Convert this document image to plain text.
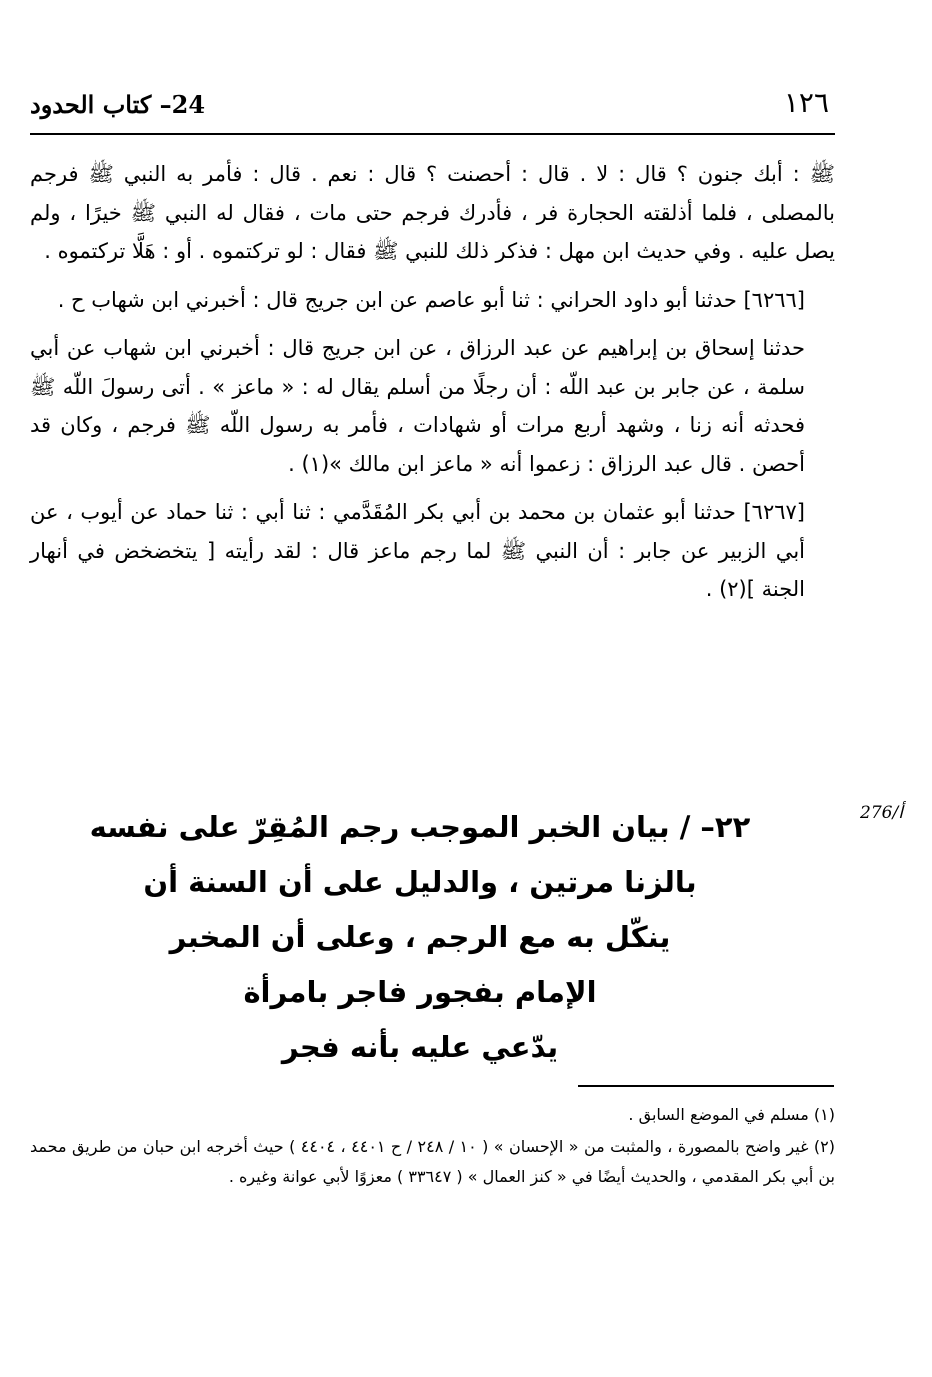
١٢٦
24– كتاب الحدود

ﷺ : أبك جنون ؟ قال : لا . قال : أحصنت ؟ قال : نعم . قال : فأمر به النبي ﷺ فرجم بالمصلى ، فلما أذلقته الحجارة فر ، فأدرك فرجم حتى مات ، فقال له النبي ﷺ خيرًا ، ولم يصل عليه . وفي حديث ابن مهل : فذكر ذلك للنبي ﷺ فقال : لو تركتموه . أو : هَلَّا تركتموه .

[٦٢٦٦] حدثنا أبو داود الحراني : ثنا أبو عاصم عن ابن جريج قال : أخبرني ابن شهاب ح .

حدثنا إسحاق بن إبراهيم عن عبد الرزاق ، عن ابن جريج قال : أخبرني ابن شهاب عن أبي سلمة ، عن جابر بن عبد اللّه : أن رجلًا من أسلم يقال له : « ماعز » . أتى رسولَ اللّه ﷺ فحدثه أنه زنا ، وشهد أربع مرات أو شهادات ، فأمر به رسول اللّه ﷺ فرجم ، وكان قد أحصن . قال عبد الرزاق : زعموا أنه « ماعز ابن مالك »(١) .

[٦٢٦٧] حدثنا أبو عثمان بن محمد بن أبي بكر المُقَدَّمي : ثنا أبي : ثنا حماد عن أيوب ، عن أبي الزبير عن جابر : أن النبي ﷺ لما رجم ماعز قال : لقد رأيته [ يتخضخض في أنهار الجنة ](٢) .

٢٢– / بيان الخبر الموجب رجم المُقِرّ على نفسه
بالزنا مرتين ، والدليل على أن السنة أن
ينكّل به مع الرجم ، وعلى أن المخبر
الإمام بفجور فاجر بامرأة
يدّعي عليه بأنه فجر
276/أ

(١) مسلم في الموضع السابق .

(٢) غير واضح بالمصورة ، والمثبت من « الإحسان » ( ١٠ / ٢٤٨ / ح ٤٤٠١ ، ٤٤٠٤ ) حيث أخرجه ابن حبان من طريق محمد بن أبي بكر المقدمي ، والحديث أيضًا في « كنز العمال » ( ٣٣٦٤٧ ) معزوًا لأبي عوانة وغيره .
